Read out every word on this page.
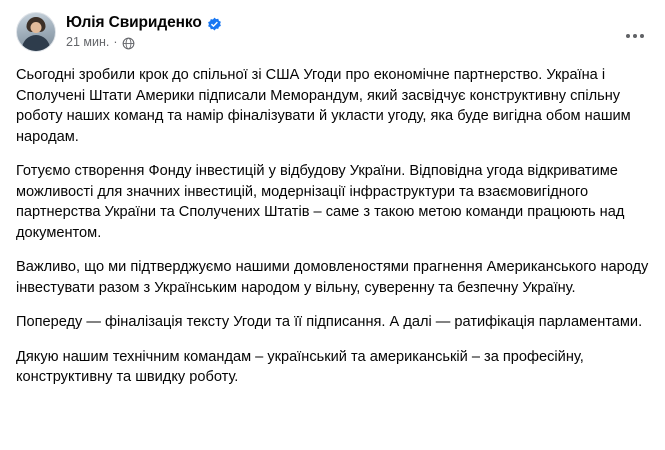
Юлія Свириденко
21 мин. ·

Сьогодні зробили крок до спільної зі США Угоди про економічне партнерство. Україна і Сполучені Штати Америки підписали Меморандум, який засвідчує конструктивну спільну роботу наших команд та намір фіналізувати й укласти угоду, яка буде вигідна обом нашим народам.

Готуємо створення Фонду інвестицій у відбудову України. Відповідна угода відкриватиме можливості для значних інвестицій, модернізації інфраструктури та взаємовигідного партнерства України та Сполучених Штатів – саме з такою метою команди працюють над документом.

Важливо, що ми підтверджуємо нашими домовленостями прагнення Американського народу інвестувати разом з Українським народом у вільну, суверенну та безпечну Україну.

Попереду — фіналізація тексту Угоди та її підписання. А далі — ратифікація парламентами.

Дякую нашим технічним командам – український та американській – за професійну, конструктивну та швидку роботу.
